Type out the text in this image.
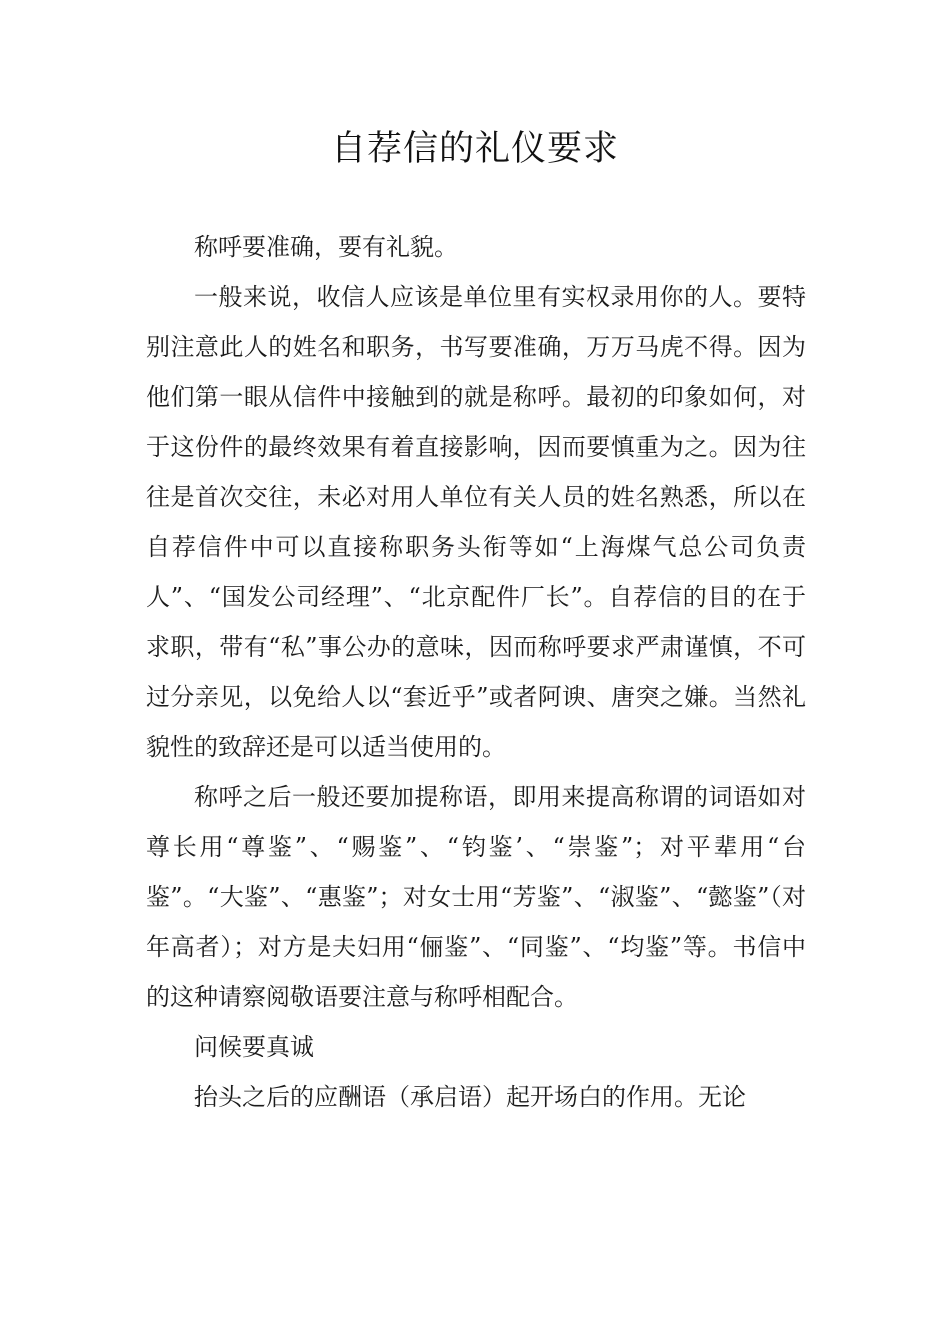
自荐信的礼仪要求

称呼要准确，要有礼貌。

一般来说，收信人应该是单位里有实权录用你的人。要特别注意此人的姓名和职务，书写要准确，万万马虎不得。因为他们第一眼从信件中接触到的就是称呼。最初的印象如何，对于这份件的最终效果有着直接影响，因而要慎重为之。因为往往是首次交往，未必对用人单位有关人员的姓名熟悉，所以在自荐信件中可以直接称职务头衔等如“上海煤气总公司负责人”、“国发公司经理”、“北京配件厂长”。自荐信的目的在于求职，带有“私”事公办的意味，因而称呼要求严肃谨慎，不可过分亲见，以免给人以“套近乎”或者阿谀、唐突之嫌。当然礼貌性的致辞还是可以适当使用的。

称呼之后一般还要加提称语，即用来提高称谓的词语如对尊长用“尊鉴”、“赐鉴”、“钧鉴’、“崇鉴”；对平辈用“台鉴”。“大鉴”、“惠鉴”；对女士用“芳鉴”、“淑鉴”、“懿鉴”（对年高者）；对方是夫妇用“俪鉴”、“同鉴”、“均鉴”等。书信中的这种请察阅敬语要注意与称呼相配合。

问候要真诚

抬头之后的应酬语（承启语）起开场白的作用。无论
